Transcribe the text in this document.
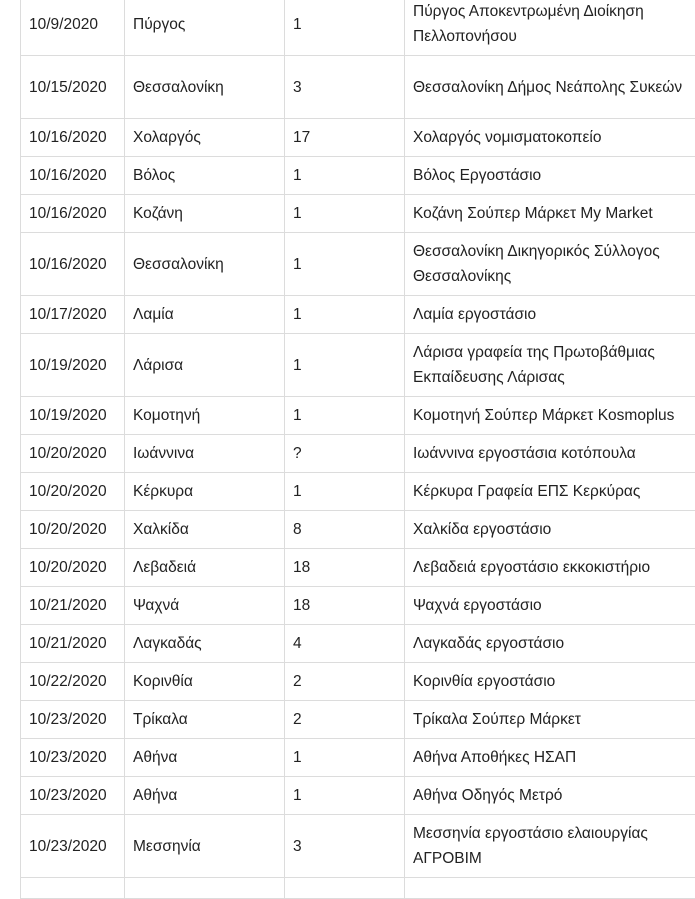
10/9/2020	Πύργος	1	Πύργος Αποκεντρωμένη Διοίκηση Πελλοπονήσου
10/15/2020	Θεσσαλονίκη	3	Θεσσαλονίκη Δήμος Νεάπολης Συκεών
10/16/2020	Χολαργός	17	Χολαργός νομισματοκοπείο
10/16/2020	Βόλος	1	Βόλος Εργοστάσιο
10/16/2020	Κοζάνη	1	Κοζάνη Σούπερ Μάρκετ My Market
10/16/2020	Θεσσαλονίκη	1	Θεσσαλονίκη Δικηγορικός Σύλλογος Θεσσαλονίκης
10/17/2020	Λαμία	1	Λαμία εργοστάσιο
10/19/2020	Λάρισα	1	Λάρισα γραφεία της Πρωτοβάθμιας Εκπαίδευσης Λάρισας
10/19/2020	Κομοτηνή	1	Κομοτηνή Σούπερ Μάρκετ Kosmoplus
10/20/2020	Ιωάννινα	?	Ιωάννινα εργοστάσια κοτόπουλα
10/20/2020	Κέρκυρα	1	Κέρκυρα Γραφεία ΕΠΣ Κερκύρας
10/20/2020	Χαλκίδα	8	Χαλκίδα εργοστάσιο
10/20/2020	Λεβαδειά	18	Λεβαδειά εργοστάσιο εκκοκιστήριο
10/21/2020	Ψαχνά	18	Ψαχνά εργοστάσιο
10/21/2020	Λαγκαδάς	4	Λαγκαδάς εργοστάσιο
10/22/2020	Κορινθία	2	Κορινθία εργοστάσιο
10/23/2020	Τρίκαλα	2	Τρίκαλα Σούπερ Μάρκετ
10/23/2020	Αθήνα	1	Αθήνα Αποθήκες ΗΣΑΠ
10/23/2020	Αθήνα	1	Αθήνα Οδηγός Μετρό
10/23/2020	Μεσσηνία	3	Μεσσηνία εργοστάσιο ελαιουργίας ΑΓΡΟΒΙΜ
